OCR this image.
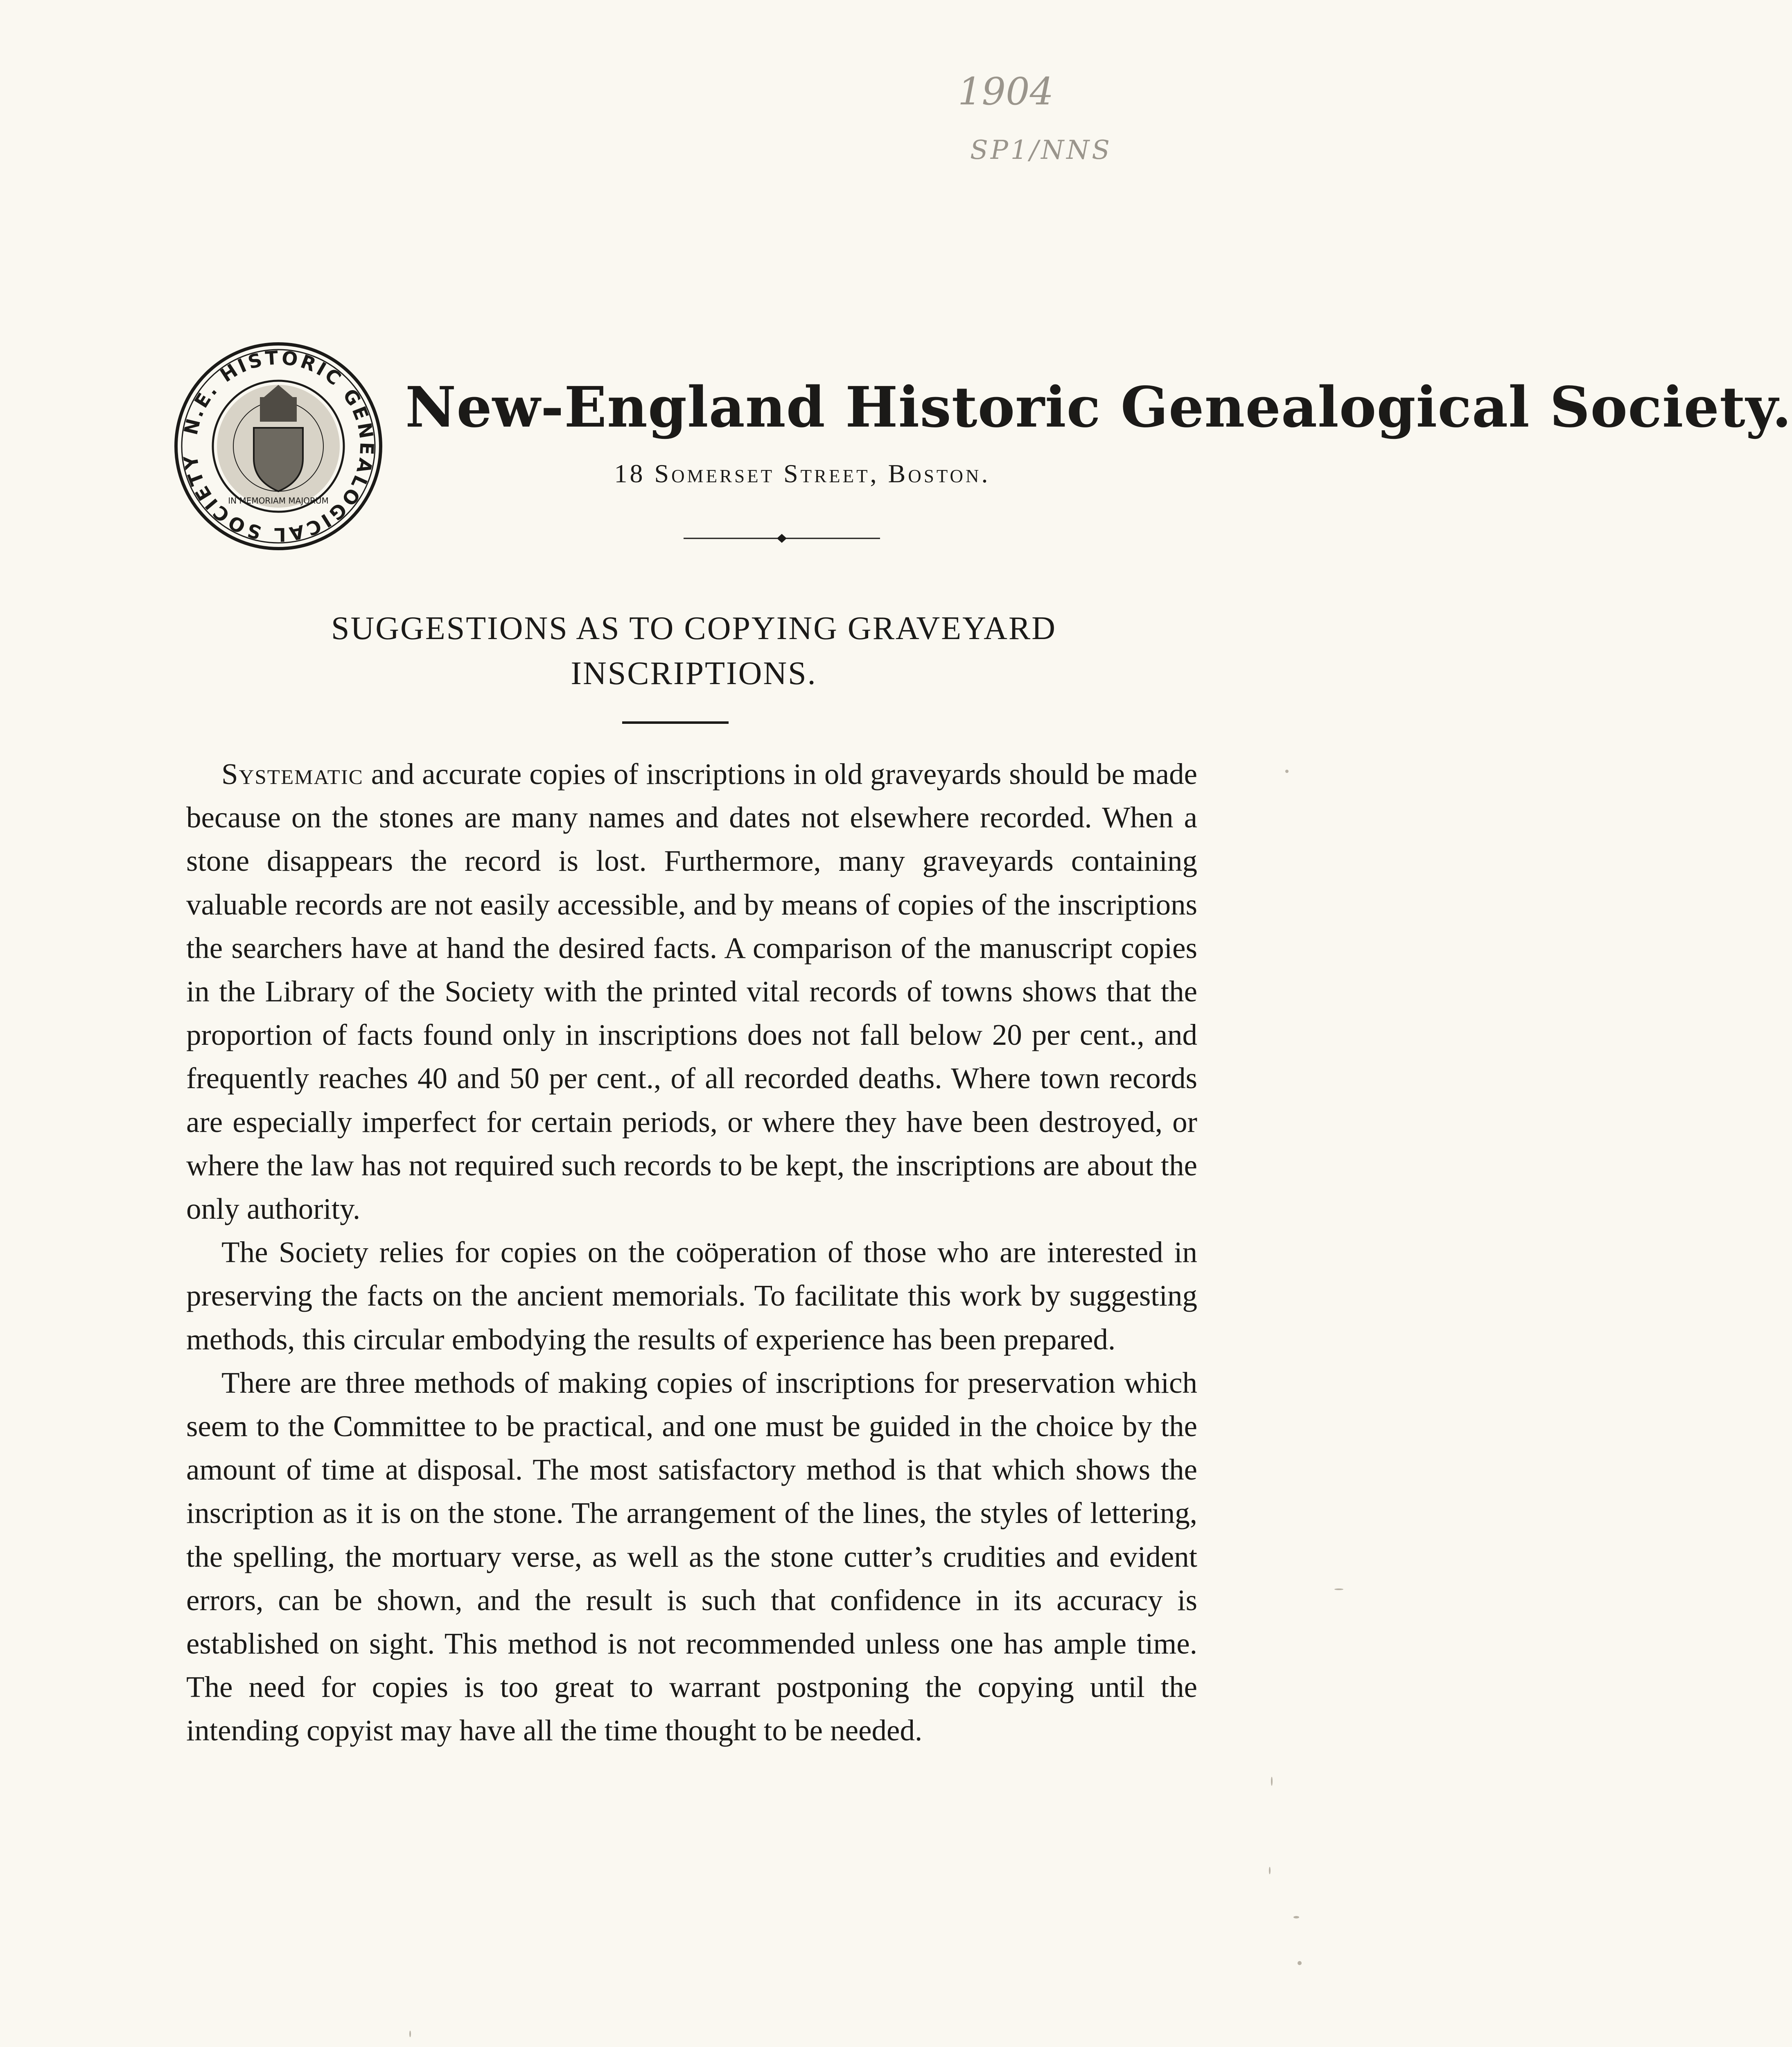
1904
SP1/NNS
N.E. HISTORIC GENEALOGICAL SOCIETY
IN MEMORIAM MAJORUM
New-England Historic Genealogical Society.
18 Somerset Street, Boston.
SUGGESTIONS AS TO COPYING GRAVEYARD
INSCRIPTIONS.

Systematic and accurate copies of inscriptions in old graveyards should be made because on the stones are many names and dates not elsewhere recorded. When a stone disappears the record is lost. Furthermore, many graveyards containing valuable records are not easily accessible, and by means of copies of the inscriptions the searchers have at hand the desired facts. A comparison of the manuscript copies in the Library of the Society with the printed vital records of towns shows that the proportion of facts found only in inscriptions does not fall below 20 per cent., and frequently reaches 40 and 50 per cent., of all recorded deaths. Where town records are especially imperfect for certain periods, or where they have been destroyed, or where the law has not required such records to be kept, the inscriptions are about the only authority.

The Society relies for copies on the coöperation of those who are interested in preserving the facts on the ancient memorials. To facilitate this work by suggesting methods, this circular embodying the results of experience has been prepared.

There are three methods of making copies of inscriptions for preservation which seem to the Committee to be practical, and one must be guided in the choice by the amount of time at disposal. The most satisfactory method is that which shows the inscription as it is on the stone. The arrangement of the lines, the styles of lettering, the spelling, the mortuary verse, as well as the stone cutter’s crudities and evident errors, can be shown, and the result is such that confidence in its accuracy is established on sight. This method is not recommended unless one has ample time. The need for copies is too great to warrant postponing the copying until the intending copyist may have all the time thought to be needed.
